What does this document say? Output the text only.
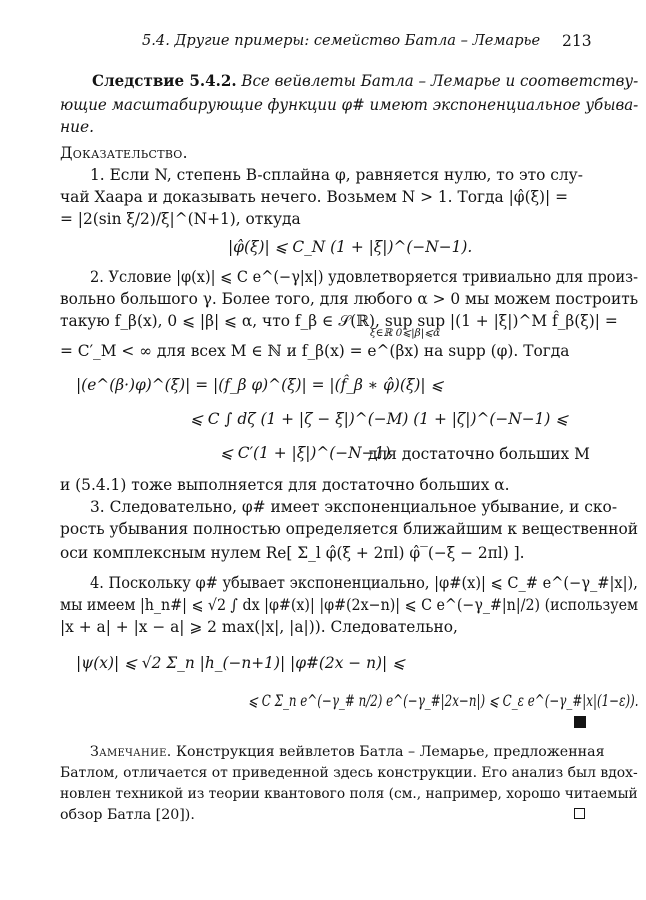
5.4. Другие примеры: семейство Батла – Лемарье 213
Следствие 5.4.2. Все вейвлеты Батла – Лемарье и соответству-
ющие масштабирующие функции φ# имеют экспоненциальное убыва-
ние.
Доказательство.
1. Если N, степень B-сплайна φ, равняется нулю, то это слу-
чай Хаара и доказывать нечего. Возьмем N > 1. Тогда |φ̂(ξ)| =
= |2(sin ξ/2)/ξ|^(N+1), откуда
|φ̂(ξ)| ⩽ C_N (1 + |ξ|)^(−N−1).
2. Условие |φ(x)| ⩽ C e^(−γ|x|) удовлетворяется тривиально для произ-
вольно большого γ. Более того, для любого α > 0 мы можем построить
такую f_β(x), 0 ⩽ |β| ⩽ α, что f_β ∈ 𝒮(ℝ), sup sup |(1 + |ξ|)^M f̂_β(ξ)| =
ξ∈ℝ 0⩽|β|⩽α
= C′_M < ∞ для всех M ∈ ℕ и f_β(x) = e^(βx) на supp (φ). Тогда
|(e^(β·)φ)^(ξ)| = |(f_β φ)^(ξ)| = |(f̂_β ∗ φ̂)(ξ)| ⩽
⩽ C ∫ dζ (1 + |ζ − ξ|)^(−M) (1 + |ζ|)^(−N−1) ⩽
⩽ C′(1 + |ξ|)^(−N−1)
для достаточно больших M
и (5.4.1) тоже выполняется для достаточно больших α.
3. Следовательно, φ# имеет экспоненциальное убывание, и ско-
рость убывания полностью определяется ближайшим к вещественной
оси комплексным нулем Re[ Σ_l φ̂(ξ + 2πl) φ̂‾(−ξ − 2πl) ].
4. Поскольку φ# убывает экспоненциально, |φ#(x)| ⩽ C_# e^(−γ_#|x|),
мы имеем |h_n#| ⩽ √2 ∫ dx |φ#(x)| |φ#(2x−n)| ⩽ C e^(−γ_#|n|/2) (используем
|x + a| + |x − a| ⩾ 2 max(|x|, |a|)). Следовательно,
|ψ(x)| ⩽ √2 Σ_n |h_(−n+1)| |φ#(2x − n)| ⩽
⩽ C Σ_n e^(−γ_# n/2) e^(−γ_#|2x−n|) ⩽ C_ε e^(−γ_#|x|(1−ε)).
Замечание. Конструкция вейвлетов Батла – Лемарье, предложенная
Батлом, отличается от приведенной здесь конструкции. Его анализ был вдох-
новлен техникой из теории квантового поля (см., например, хорошо читаемый
обзор Батла [20]).
